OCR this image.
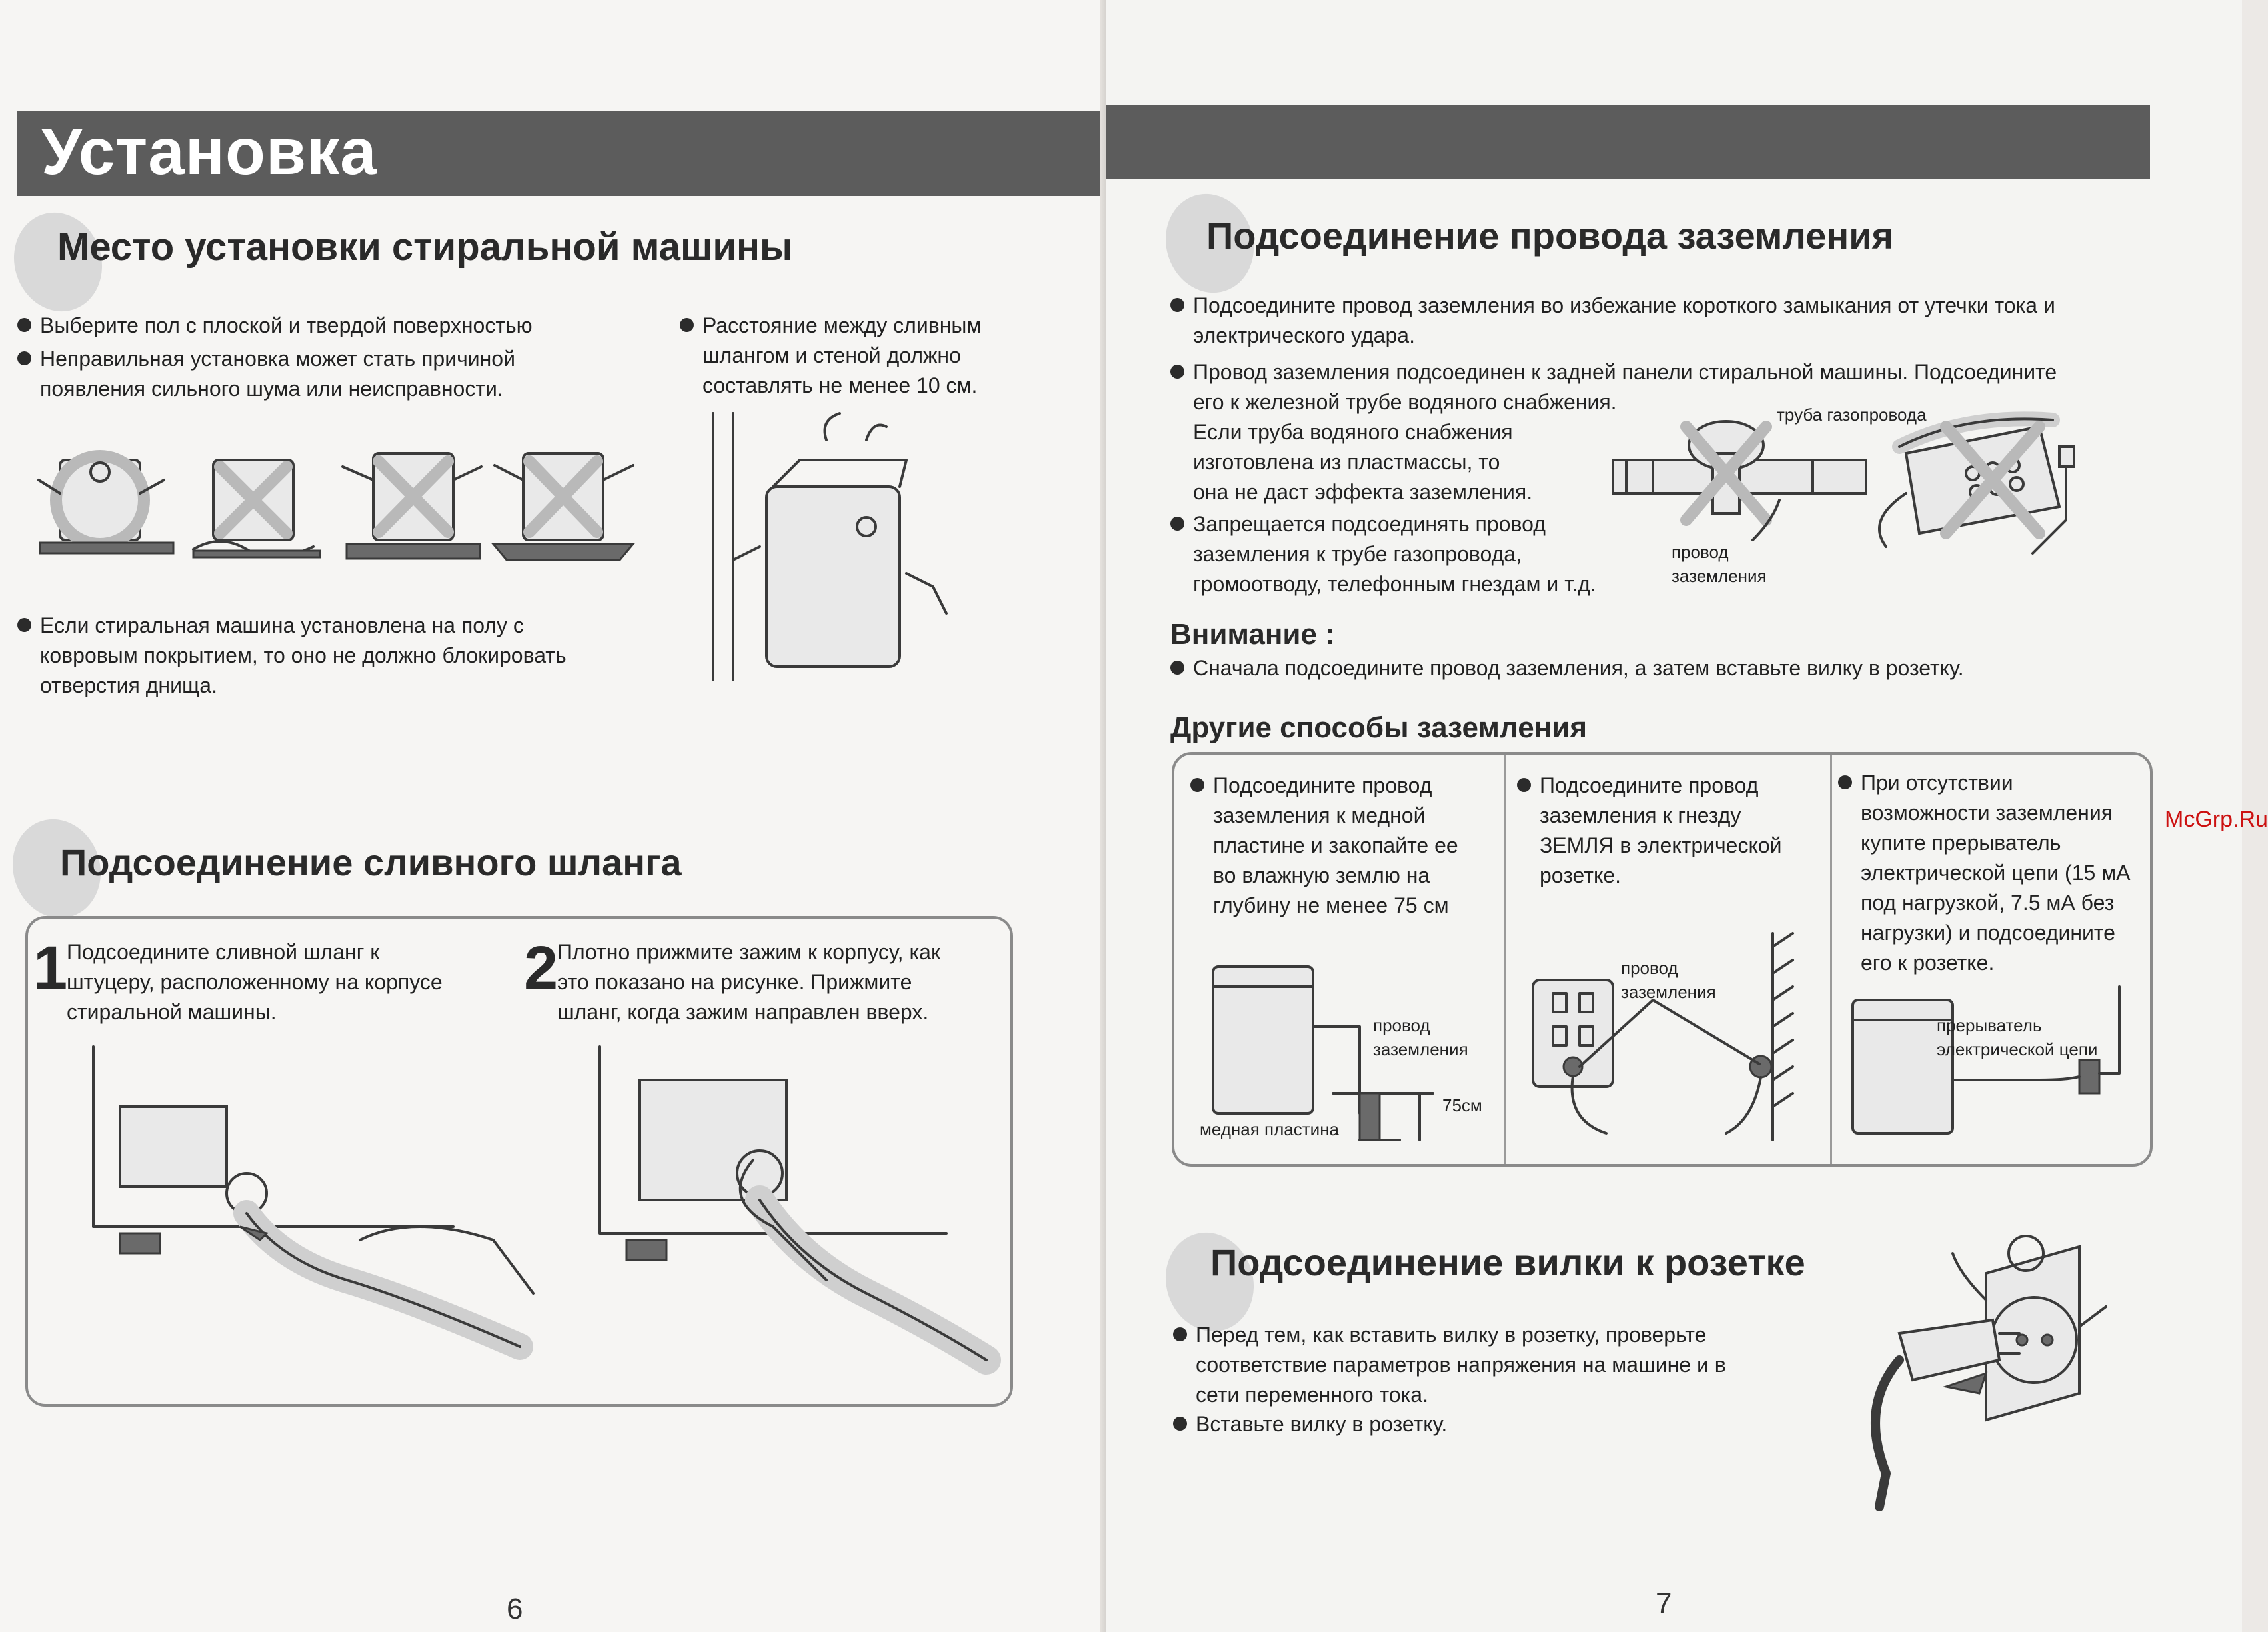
Установка
Место установки стиральной машины
Выберите пол с плоской и твердой поверхностью
Неправильная установка может стать причиной
появления сильного шума или неисправности.
Расстояние между сливным
шлангом и стеной должно
составлять не менее 10 см.
Если стиральная машина установлена на полу с
ковровым покрытием, то оно не должно блокировать
отверстия днища.
Подсоединение сливного шланга
1
Подсоедините сливной шланг к
штуцеру, расположенному на корпусе
стиральной машины.
2
Плотно прижмите зажим к корпусу, как
это показано на рисунке. Прижмите
шланг, когда зажим направлен вверх.
6
Подсоединение провода заземления
Подсоедините провод заземления во избежание короткого замыкания от утечки тока и
электрического удара.
Провод заземления подсоединен к задней панели стиральной машины. Подсоедините
его к железной трубе водяного снабжения.
Если труба водяного снабжения
изготовлена из пластмассы, то
она не даст эффекта заземления.
Запрещается подсоединять провод
заземления к трубе газопровода,
громоотводу, телефонным гнездам и т.д.
труба газопровода
провод
заземления
Внимание :
Сначала подсоедините провод заземления, а затем вставьте вилку в розетку.
Другие способы заземления
Подсоедините провод
заземления к медной
пластине и закопайте ее
во влажную землю на
глубину не менее 75 см
Подсоедините провод
заземления к гнезду
ЗЕМЛЯ в электрической
розетке.
При отсутствии
возможности заземления
купите прерыватель
электрической цепи (15 мА
под нагрузкой, 7.5 мА без
нагрузки) и подсоедините
его к розетке.
провод
заземления
75см
медная пластина
провод
заземления
прерыватель
электрической цепи
Подсоединение вилки к розетке
Перед тем, как вставить вилку в розетку, проверьте
соответствие параметров напряжения на машине и в
сети переменного тока.
Вставьте вилку в розетку.
McGrp.Ru
7
